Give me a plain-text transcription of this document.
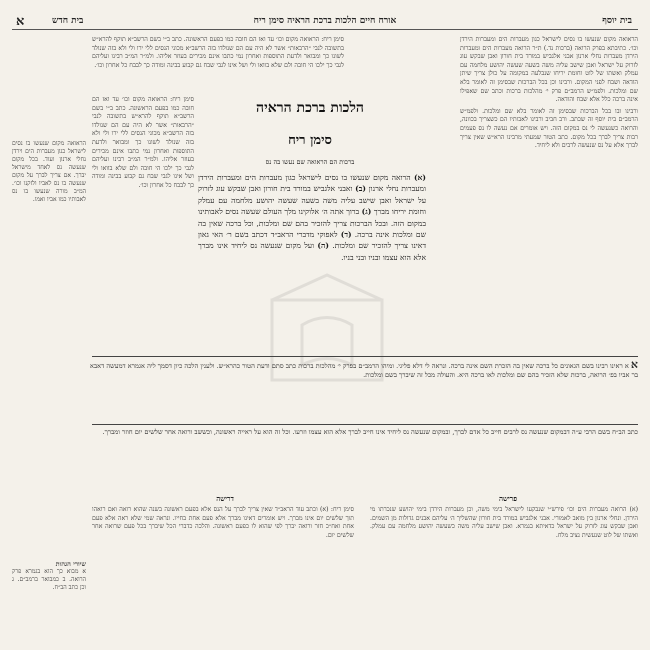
בית יוסף
אורח חיים הלכות ברכת הראיה סימן ריח
בית חדש
א

הראואה מקום שנעשו בו נסים לישראל כגון מעברות הים ומעברות הירדן וכו׳. כתיבתא בפרק הרואה (ברכות נד.) ת״ר הרואה מעברות הים ומעברות הירדן מעברות נחלי ארנון אבני אלגביש במורד בית חורון ואבן שבקש עוג לזרוק על ישראל ואבן שישב עליה משה בשעה שעשה יהושע מלחמה עם עמלק ואשתו של לוט וחומת יריחו שנבלעה במקומה על כולן צריך שיתן הודאה ושבח לפני המקום. ורבינו וכן בכל הברכות שבסימן זה לאומר בלא שם ומלכות. ולפמ״ש הרמב״ם פרק י׳ מהלכות ברכות וכתב שם שאפילו אינה ברכה כלל אלא שבח והודאה.

ורבינו ובו בכל הברכות שבסימן זה לאומר בלא שם ומלכות. ולפמ״ש הרמב״ם בית יוסף זה שכתב. ורב חביב ורבינו לאבותיו הם כשצריך בכוונה, והרואה כשנעשה לי נס במקום הזה. ויש אומרים אם נעשה לו נס פעמים רבות צריך לברך בכל מקום. כתב הטור שמעתי מרבינו הרא״ש שאין צריך לברך אלא על נס שנעשה לרבים ולא ליחיד.

סימן ריח: הראואה מקום וכו׳ עד ואז הם חובה כמו בפעם הראשונה. כתב ב״י בשם הרשב״א תוקף להרא״ש בתשובה לנבי ״הרבאות״ אשר לא היה עם הם שנולדו בזה הרשב״א מכוני הנסים ללי ירו ולי ולא בזה שנולד לשונו כך ומבואר ולדעת התוספות ואחרון נמי כתבו אינם מכירים בעוזר אליהו. ולמ״ר המ״ב רבינו ועליהם לגבי כך ילכו הי חובה ולם שלא בוואו ולי ושל אינו לגבי שבח גם קבוע בבינה ומודה כך לבבח כל אחרון וכו׳.

סימן ריח: הראואה מקום וכו׳ עד ואז הם חובה כמו בפעם הראשונה. כתב ב״י בשם הרשב״א תוקף להרא״ש בתשובה לנבי ״הרבאות״ אשר לא היה עם הם שנולדו בזה הרשב״א מכוני הנסים ללי ירו ולי ולא בזה שנולד לשונו כך ומבואר ולדעת התוספות ואחרון נמי כתבו אינם מכירים בעוזר אליהו. ולמ״ר המ״ב רבינו ועליהם לגבי כך ילכו הי חובה ולם שלא בוואו ולי ושל אינו לגבי שבח גם קבוע בבינה ומודה כך לבבח כל אחרון וכו׳.

הראואה מקום שנעשו בו נסים לישראל כגון מעברות הים וירדן נחלי ארנון ועוד. בכל מקום שנעשה נס לאחד מישראל יברך. אם צריך לברך על מקום שנעשה בו נס לאביו ולזקנו וכו׳. המ״ב מורה שנעשו בו נס לאבותיו כמו אביו ואמו.

הלכות ברכת הראיה
סימן ריח
ברכות הם הראואה שם נעשו בה נס
(א) הרואה מקום שנעשו בו נסים לישראל כגון מעברות הים ומעברות הירדן ומעברות נחלי ארנון (ב) ואבני אלגביש במורד בית חורון ואבן שבקש עוג לזרוק על ישראל ואבן שישב עליה משה בשעה שעשה יהושע מלחמה עם עמלק וחומת יריחו מברך (ג) ברוך אתה ה׳ אלוקינו מלך העולם שעשה נסים לאבותינו במקום הזה. ובכל הברכות צריך להזכיר בהם שם ומלכות, וכל ברכה שאין בה שם ומלכות אינה ברכה. (ד) לאפוקי מדברי הראב״ד דכתב בשם ר׳ האי גאון דאינו צריך להזכיר שם ומלכות. (ה) ועל מקום שנעשה נס ליחיד אינו מברך אלא הוא עצמו ובניו ובני בניו.
א א ראינו רבינו בשם הגאונים כל ברכה שאין בה הזכרת השם אינה ברכה. ונראה לי דלא פליגי. ומיהו הרמב״ם בפרק י׳ מהלכות ברכות כתב סתם ודעת הטור כהרא״ש. ולענין הלכה כיון דסמך ליה אגמרא דמעשה דאבא בר אביו בפ׳ הרואה, ברכות שלא הזכיר בהם שם ומלכות לאו ברכה היא. והעולה מכל זה שיברך בשם ומלכות.
כתב הב״ח בשם הרבי ע״ה דבמקום שנעשה נס לרבים חייב כל אדם לברך, ובמקום שנעשה נס ליחיד אינו חייב לברך אלא הוא עצמו וזרעו. וכל זה הוא על ראייה ראשונה, וכששב ורואה אחר שלשים יום חוזר ומברך.
פרישה
דרישה

(א) הרואה מעברות הים וכו׳ פירש״י שנבקעו לישראל בימי משה, וכן מעברות הירדן בימי יהושע שנכרתו מי הירדן. ונחלי ארנון בין מואב לאמורי. אבני אלגביש במורד בית חורון שהשליך ה׳ עליהם אבנים גדולות מן השמים. ואבן שבקש עוג לזרוק על ישראל כדאיתא בגמרא. ואבן שישב עליה משה כשעשה יהושע מלחמה עם עמלק. ואשתו של לוט שנעשית נציב מלח.

סימן ריח: (א) וכתב עוד הראב״ד שאין צריך לברך על הנס אלא בפעם ראשונה בשנה שהוא רואה ואם רואהו תוך שלשים יום אינו מברך. ויש אומרים דאינו מברך אלא פעם אחת בחייו. ונראה שמי שלא ראה אלא פעם אחת ואח״כ חזר ורואה יברך לפי שהוא לו כפעם ראשונה. והלכה כדברי הכל שיברך בכל פעם שרואה אחר שלשים יום.

שיורי הגהות

א מבוא כך הוא בגמרא פרק הרואה. ב כמבואר ברמב״ם. ג וכן כתב הב״ח.
